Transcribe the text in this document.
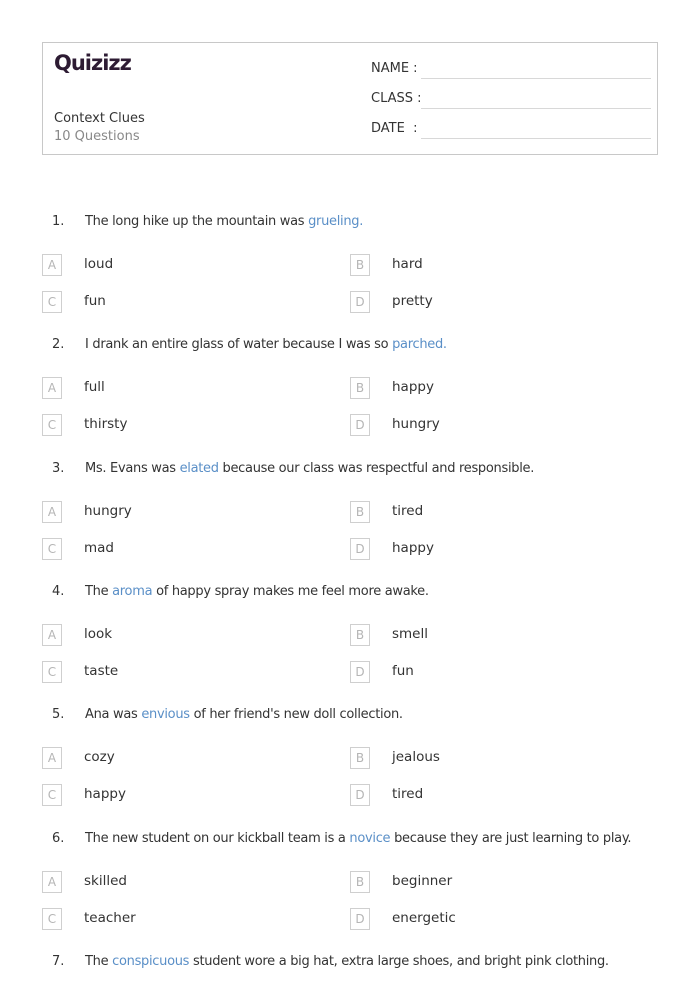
Quizizz
Context Clues
10 Questions
NAME :
CLASS :
DATE  :
1. The long hike up the mountain was grueling.
A	loud	B	hard
C	fun	D	pretty
2. I drank an entire glass of water because I was so parched.
A	full	B	happy
C	thirsty	D	hungry
3. Ms. Evans was elated because our class was respectful and responsible.
A	hungry	B	tired
C	mad	D	happy
4. The aroma of happy spray makes me feel more awake.
A	look	B	smell
C	taste	D	fun
5. Ana was envious of her friend's new doll collection.
A	cozy	B	jealous
C	happy	D	tired
6. The new student on our kickball team is a novice because they are just learning to play.
A	skilled	B	beginner
C	teacher	D	energetic
7. The conspicuous student wore a big hat, extra large shoes, and bright pink clothing.
